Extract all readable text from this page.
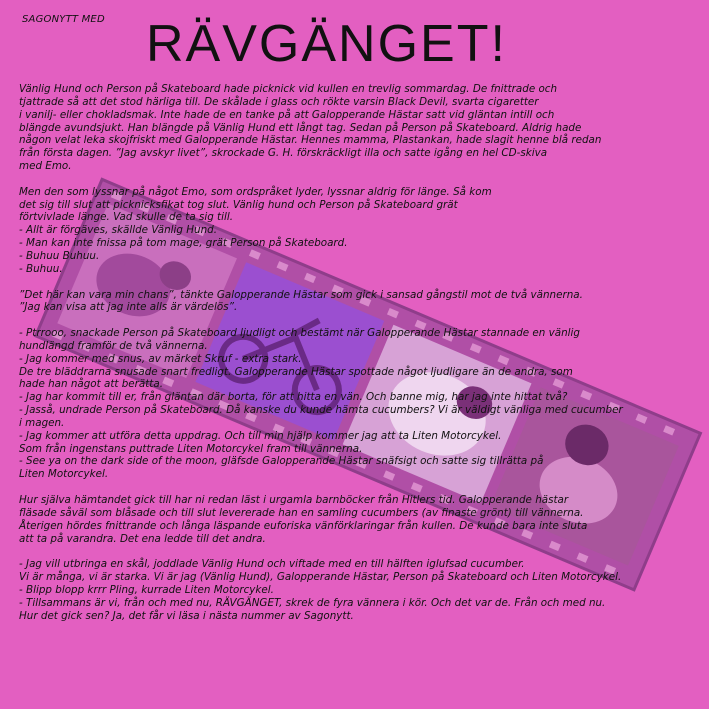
SAGONYTT MED RÄVGÄNGET!
Vänlig Hund och Person på Skateboard hade picknick vid kullen en trevlig sommardag. De fnittrade och
tjattrade så att det stod härliga till. De skålade i glass och rökte varsin Black Devil, svarta cigaretter
i vanilj- eller chokladsmak. Inte hade de en tanke på att Galopperande Hästar satt vid gläntan intill och
blängde avundsjukt. Han blängde på Vänlig Hund ett långt tag. Sedan på Person på Skateboard. Aldrig hade
någon velat leka skojfriskt med Galopperande Hästar. Hennes mamma, Plastankan, hade slagit henne blå redan
från första dagen. ”Jag avskyr livet”, skrockade G. H. förskräckligt illa och satte igång en hel CD-skiva
med Emo.
Men den som lyssnar på något Emo, som ordspråket lyder, lyssnar aldrig för länge. Så kom
det sig till slut att picknicksfikat tog slut. Vänlig hund och Person på Skateboard grät
förtvivlade länge. Vad skulle de ta sig till.
- Allt är förgäves, skällde Vänlig Hund.
- Man kan inte fnissa på tom mage, grät Person på Skateboard.
- Buhuu Buhuu.
- Buhuu.
”Det här kan vara min chans”, tänkte Galopperande Hästar som gick i sansad gångstil mot de två vännerna.
”Jag kan visa att jag inte alls är värdelös”.
- Ptrrooo, snackade Person på Skateboard ljudligt och bestämt när Galopperande Hästar stannade en vänlig
hundlängd framför de två vännerna.
- Jag kommer med snus, av märket Skruf - extra stark.
De tre bläddrarna snusade snart fredligt. Galopperande Hästar spottade något ljudligare än de andra, som
hade han något att berätta.
- Jag har kommit till er, från gläntan där borta, för att hitta en vän. Och banne mig, har jag inte hittat två?
- Jasså, undrade Person på Skateboard. Då kanske du kunde hämta cucumbers? Vi är väldigt vänliga med cucumber
i magen.
- Jag kommer att utföra detta uppdrag. Och till min hjälp kommer jag att ta Liten Motorcykel.
Som från ingenstans puttrade Liten Motorcykel fram till vännerna.
- See ya on the dark side of the moon, gläfsde Galopperande Hästar snäfsigt och satte sig tillrätta på
Liten Motorcykel.
Hur själva hämtandet gick till har ni redan läst i urgamla barnböcker från Hitlers tid. Galopperande hästar
fläsade såväl som blåsade och till slut levererade han en samling cucumbers (av finaste grönt) till vännerna.
Återigen hördes fnittrande och långa läspande euforiska vänförklaringar från kullen. De kunde bara inte sluta
att ta på varandra. Det ena ledde till det andra.
- Jag vill utbringa en skål, joddlade Vänlig Hund och viftade med en till hälften iglufsad cucumber.
Vi är många, vi är starka. Vi är jag (Vänlig Hund), Galopperande Hästar, Person på Skateboard och Liten Motorcykel.
- Blipp blopp krrr Pling, kurrade Liten Motorcykel.
- Tillsammans är vi, från och med nu, RÄVGÄNGET, skrek de fyra vännera i kör. Och det var de. Från och med nu.
Hur det gick sen? Ja, det får vi läsa i nästa nummer av Sagonytt.
